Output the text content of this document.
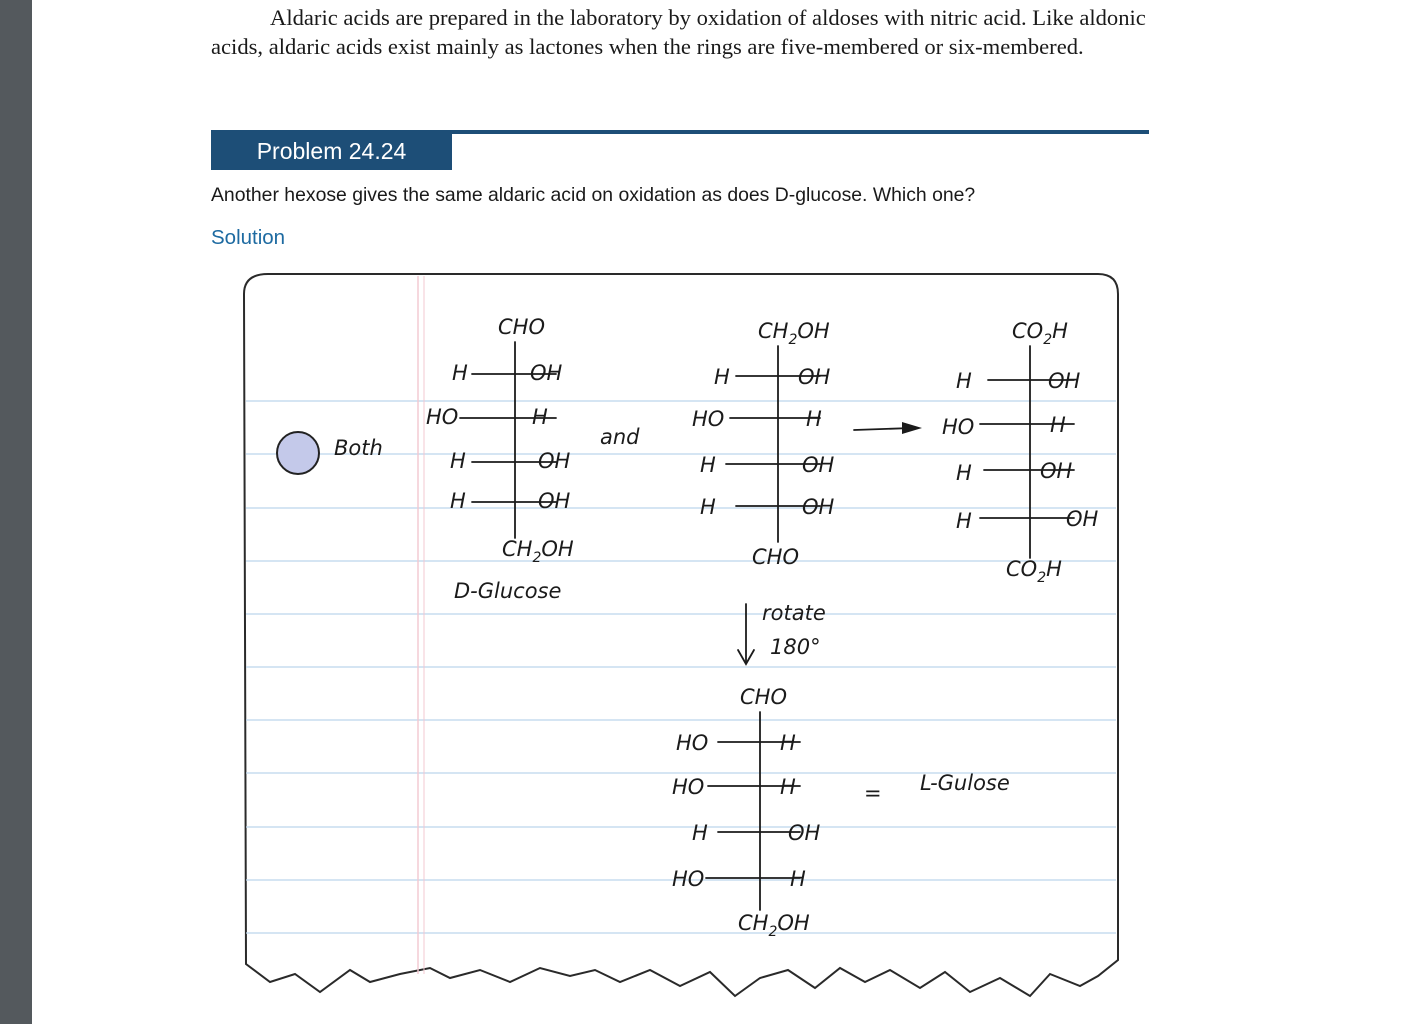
Aldaric acids are prepared in the laboratory by oxidation of aldoses with nitric acid. Like aldonic acids, aldaric acids exist mainly as lactones when the rings are five-membered or six-membered.

Problem 24.24

Another hexose gives the same aldaric acid on oxidation as does D-glucose. Which one?

Solution

Both
CHO
H	OH
HO	H
H	OH
H	OH
$CH_2OH$
D-Glucose
and
$CH_2OH$
H	OH
HO	H
H	OH
H	OH
CHO
$CO_2H$
H	OH
HO	H
H	OH
H	OH
$CO_2H$
rotate
180°
CHO
HO	H
HO	H
H	OH
HO	H
$CH_2OH$
= L-Gulose
